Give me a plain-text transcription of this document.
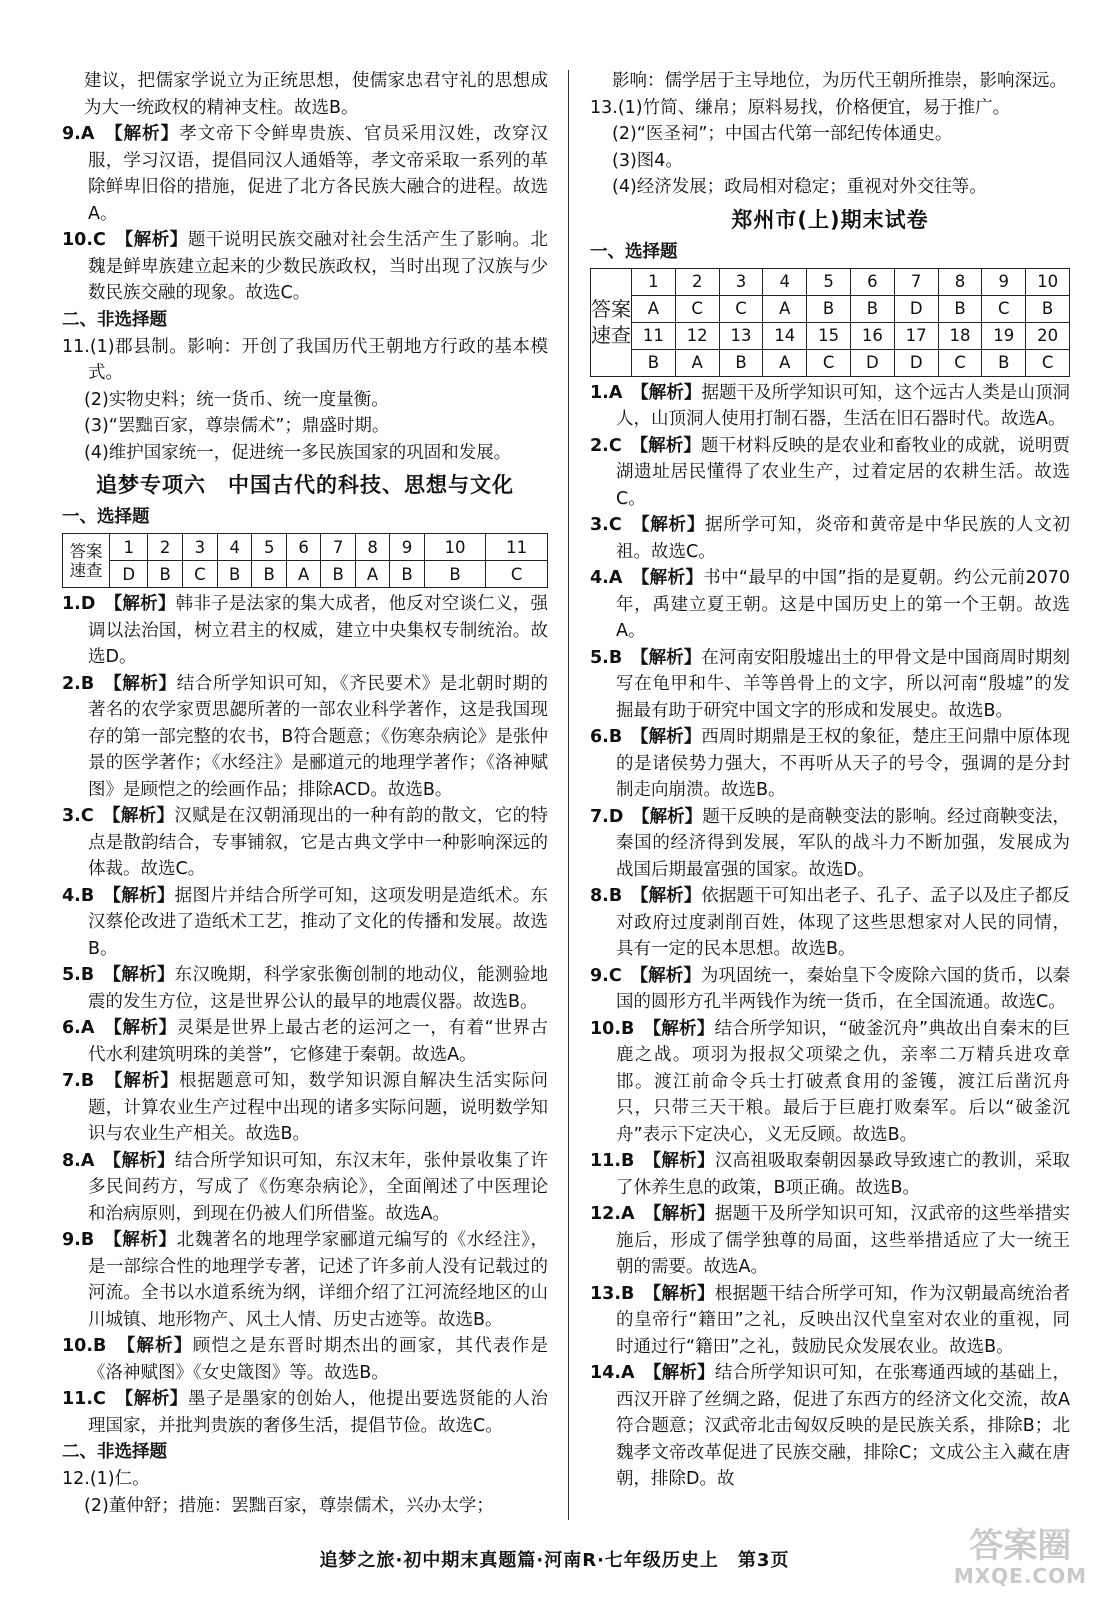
建议，把儒家学说立为正统思想，使儒家忠君守礼的思想成为大一统政权的精神支柱。故选B。

9.A　【解析】孝文帝下令鲜卑贵族、官员采用汉姓，改穿汉服，学习汉语，提倡同汉人通婚等，孝文帝采取一系列的革除鲜卑旧俗的措施，促进了北方各民族大融合的进程。故选A。

10.C　【解析】题干说明民族交融对社会生活产生了影响。北魏是鲜卑族建立起来的少数民族政权，当时出现了汉族与少数民族交融的现象。故选C。

二、非选择题

11.(1)郡县制。影响：开创了我国历代王朝地方行政的基本模式。

(2)实物史料；统一货币、统一度量衡。

(3)“罢黜百家，尊崇儒术”；鼎盛时期。

(4)维护国家统一，促进统一多民族国家的巩固和发展。

追梦专项六　中国古代的科技、思想与文化

一、选择题

答案速查	1	2	3	4	5	6	7	8	9	10	11
	D	B	C	B	B	A	B	A	B	B	C

1.D　【解析】韩非子是法家的集大成者，他反对空谈仁义，强调以法治国，树立君主的权威，建立中央集权专制统治。故选D。

2.B　【解析】结合所学知识可知，《齐民要术》是北朝时期的著名的农学家贾思勰所著的一部农业科学著作，这是我国现存的第一部完整的农书，B符合题意；《伤寒杂病论》是张仲景的医学著作；《水经注》是郦道元的地理学著作；《洛神赋图》是顾恺之的绘画作品；排除ACD。故选B。

3.C　【解析】汉赋是在汉朝涌现出的一种有韵的散文，它的特点是散韵结合，专事铺叙，它是古典文学中一种影响深远的体裁。故选C。

4.B　【解析】据图片并结合所学可知，这项发明是造纸术。东汉蔡伦改进了造纸术工艺，推动了文化的传播和发展。故选B。

5.B　【解析】东汉晚期，科学家张衡创制的地动仪，能测验地震的发生方位，这是世界公认的最早的地震仪器。故选B。

6.A　【解析】灵渠是世界上最古老的运河之一，有着“世界古代水利建筑明珠的美誉”，它修建于秦朝。故选A。

7.B　【解析】根据题意可知，数学知识源自解决生活实际问题，计算农业生产过程中出现的诸多实际问题，说明数学知识与农业生产相关。故选B。

8.A　【解析】结合所学知识可知，东汉末年，张仲景收集了许多民间药方，写成了《伤寒杂病论》，全面阐述了中医理论和治病原则，到现在仍被人们所借鉴。故选A。

9.B　【解析】北魏著名的地理学家郦道元编写的《水经注》，是一部综合性的地理学专著，记述了许多前人没有记载过的河流。全书以水道系统为纲，详细介绍了江河流经地区的山川城镇、地形物产、风土人情、历史古迹等。故选B。

10.B　【解析】顾恺之是东晋时期杰出的画家，其代表作是《洛神赋图》《女史箴图》等。故选B。

11.C　【解析】墨子是墨家的创始人，他提出要选贤能的人治理国家，并批判贵族的奢侈生活，提倡节俭。故选C。

二、非选择题

12.(1)仁。

(2)董仲舒；措施：罢黜百家，尊崇儒术，兴办太学；

影响：儒学居于主导地位，为历代王朝所推崇，影响深远。

13.(1)竹简、缣帛；原料易找，价格便宜，易于推广。

(2)“医圣祠”；中国古代第一部纪传体通史。

(3)图4。

(4)经济发展；政局相对稳定；重视对外交往等。

郑州市(上)期末试卷

一、选择题

答案速查	1	2	3	4	5	6	7	8	9	10
	A	C	C	A	B	B	D	B	C	B
	11	12	13	14	15	16	17	18	19	20
	B	A	B	A	C	D	D	C	B	C

1.A　【解析】据题干及所学知识可知，这个远古人类是山顶洞人，山顶洞人使用打制石器，生活在旧石器时代。故选A。

2.C　【解析】题干材料反映的是农业和畜牧业的成就，说明贾湖遗址居民懂得了农业生产，过着定居的农耕生活。故选C。

3.C　【解析】据所学可知，炎帝和黄帝是中华民族的人文初祖。故选C。

4.A　【解析】书中“最早的中国”指的是夏朝。约公元前2070年，禹建立夏王朝。这是中国历史上的第一个王朝。故选A。

5.B　【解析】在河南安阳殷墟出土的甲骨文是中国商周时期刻写在龟甲和牛、羊等兽骨上的文字，所以河南“殷墟”的发掘最有助于研究中国文字的形成和发展史。故选B。

6.B　【解析】西周时期鼎是王权的象征，楚庄王问鼎中原体现的是诸侯势力强大，不再听从天子的号令，强调的是分封制走向崩溃。故选B。

7.D　【解析】题干反映的是商鞅变法的影响。经过商鞅变法，秦国的经济得到发展，军队的战斗力不断加强，发展成为战国后期最富强的国家。故选D。

8.B　【解析】依据题干可知出老子、孔子、孟子以及庄子都反对政府过度剥削百姓，体现了这些思想家对人民的同情，具有一定的民本思想。故选B。

9.C　【解析】为巩固统一，秦始皇下令废除六国的货币，以秦国的圆形方孔半两钱作为统一货币，在全国流通。故选C。

10.B　【解析】结合所学知识，“破釜沉舟”典故出自秦末的巨鹿之战。项羽为报叔父项梁之仇，亲率二万精兵进攻章邯。渡江前命令兵士打破煮食用的釜镬，渡江后凿沉舟只，只带三天干粮。最后于巨鹿打败秦军。后以“破釜沉舟”表示下定决心，义无反顾。故选B。

11.B　【解析】汉高祖吸取秦朝因暴政导致速亡的教训，采取了休养生息的政策，B项正确。故选B。

12.A　【解析】据题干及所学知识可知，汉武帝的这些举措实施后，形成了儒学独尊的局面，这些举措适应了大一统王朝的需要。故选A。

13.B　【解析】根据题干结合所学可知，作为汉朝最高统治者的皇帝行“籍田”之礼，反映出汉代皇室对农业的重视，同时通过行“籍田”之礼，鼓励民众发展农业。故选B。

14.A　【解析】结合所学知识可知，在张骞通西域的基础上，西汉开辟了丝绸之路，促进了东西方的经济文化交流，故A符合题意；汉武帝北击匈奴反映的是民族关系，排除B；北魏孝文帝改革促进了民族交融，排除C；文成公主入藏在唐朝，排除D。故

追梦之旅·初中期末真题篇·河南R·七年级历史上　第3页	答案圈
MXQE.COM
